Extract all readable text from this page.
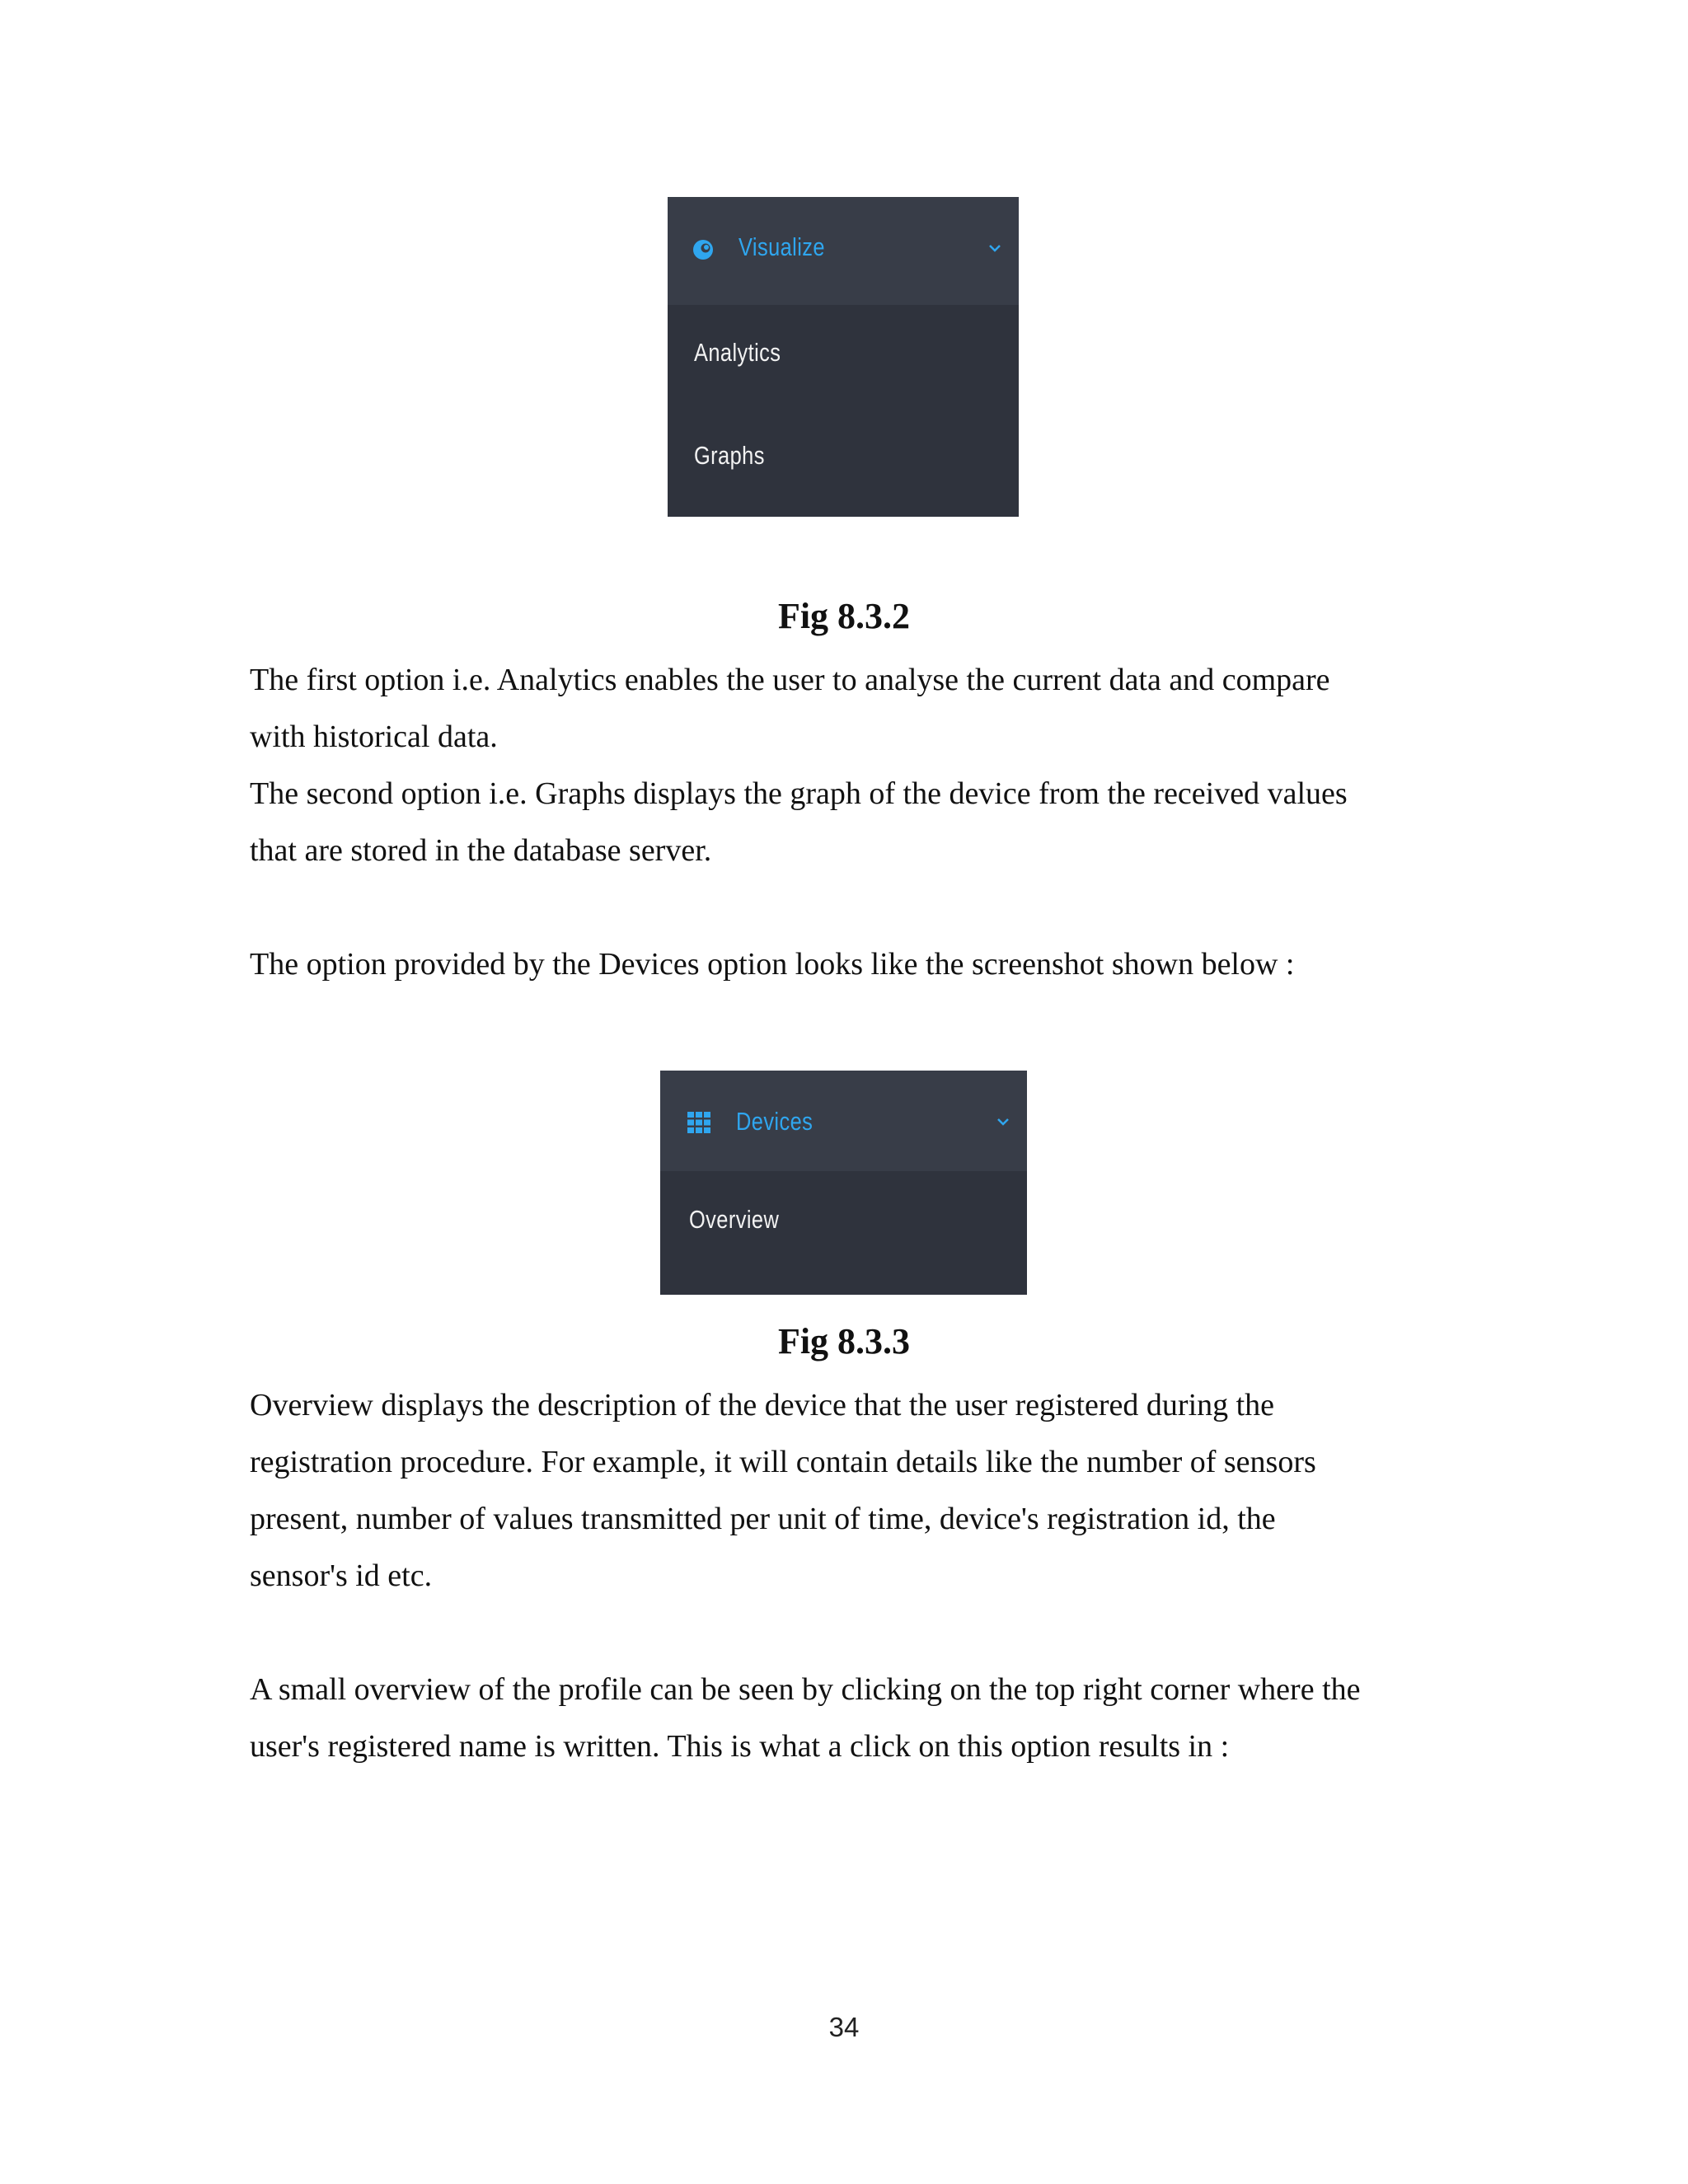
Visualize
Analytics
Graphs
Fig 8.3.2

The first option i.e. Analytics enables the user to analyse the current data and compare
with historical data.

The second option i.e. Graphs displays the graph of the device from the received values
that are stored in the database server.

The option provided by the Devices option looks like the screenshot shown below :

Devices
Overview
Fig 8.3.3

Overview displays the description of the device that the user registered during the
registration procedure. For example, it will contain details like the number of sensors
present, number of values transmitted per unit of time, device's registration id, the
sensor's id etc.

A small overview of the profile can be seen by clicking on the top right corner where the
user's registered name is written. This is what a click on this option results in :

34
